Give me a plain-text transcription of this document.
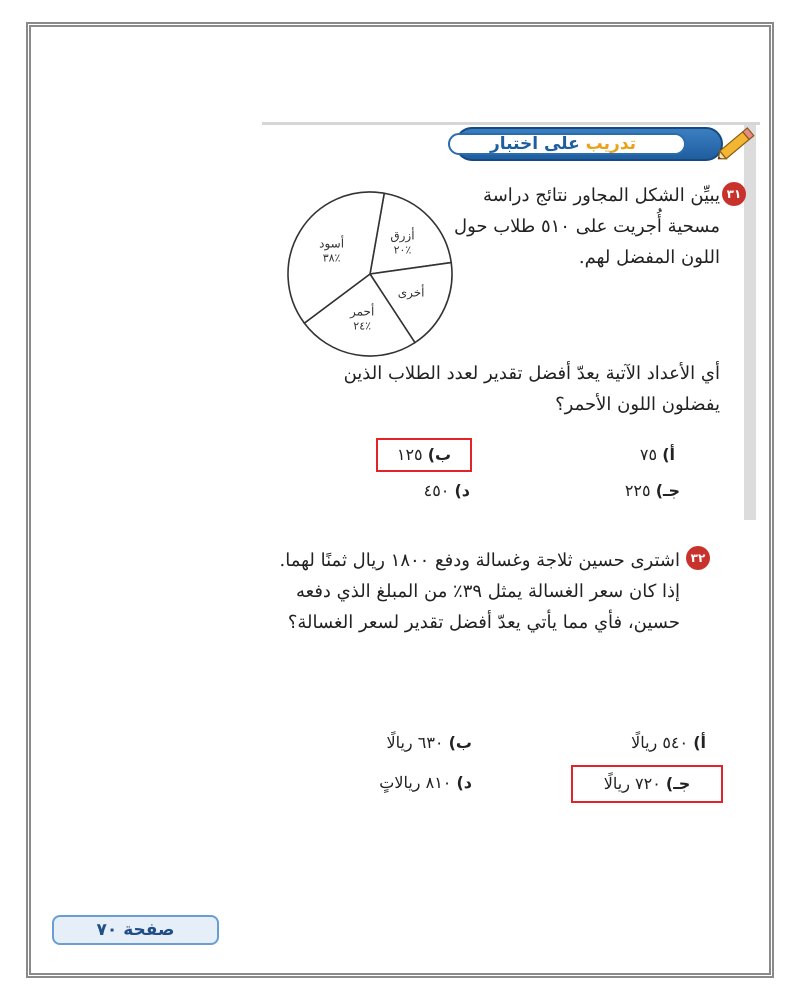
تدريب على اختبار
٣١
يبيِّن الشكل المجاور نتائج دراسة مسحية أُجريت على ٥١٠ طلاب حول اللون المفضل لهم.
أزرق
٢٠٪
أخرى
أحمر
٢٤٪
أسود
٣٨٪
أي الأعداد الآتية يعدّ أفضل تقدير لعدد الطلاب الذين يفضلون اللون الأحمر؟
أ) ٧٥
ب) ١٢٥
جـ) ٢٢٥
د) ٤٥٠
٣٢
اشترى حسين ثلاجة وغسالة ودفع ١٨٠٠ ريال ثمنًا لهما. إذا كان سعر الغسالة يمثل ٣٩٪ من المبلغ الذي دفعه حسين، فأي مما يأتي يعدّ أفضل تقدير لسعر الغسالة؟
أ) ٥٤٠ ريالًا
ب) ٦٣٠ ريالًا
جـ) ٧٢٠ ريالًا
د) ٨١٠ ريالاتٍ
صفحة ٧٠
